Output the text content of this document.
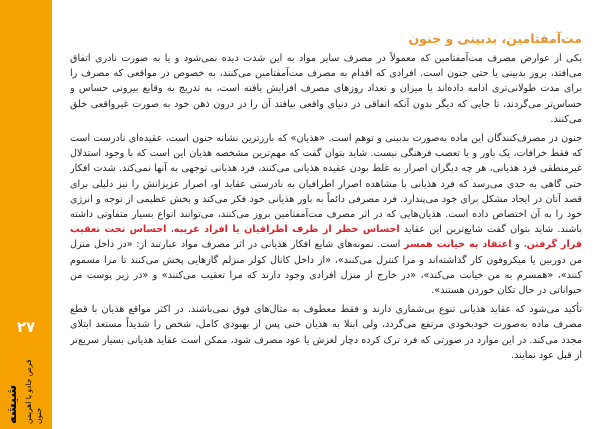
۲۷
شیشه قرص جادو یا اهریمن جنون
مت‌آمفتامین، بدبینی و جنون

یکی از عوارض مصرف مت‌آمفتامین که معمولاً در مصرف سایر مواد به این شدت دیده نمی‌شود و یا به صورت نادری اتفاق می‌افتد، بروز بدبینی یا حتی جنون است. افرادی که اقدام به مصرف مت‌آمفتامین می‌کنند، به خصوص در مواقعی که مصرف را برای مدت طولانی‌تری ادامه داده‌اند یا میزان و تعداد روزهای مصرف افزایش یافته است، به تدریج به وقایع بیرونی حساس و حساس‌تر می‌گردند، تا جایی که دیگر بدون آنکه اتفاقی در دنیای واقعی بیافتد آن را در درون ذهن خود به صورت غیرواقعی خلق می‌کنند.

جنون در مصرف‌کنندگان این ماده به‌صورت بدبینی و توهم است. «هذیان» که بارزترین نشانه جنون است، عقیده‌ای نادرست است که فقط خرافات، یک باور و یا تعصب فرهنگی نیست. شاید بتوان گفت که مهم‌ترین مشخصه هذیان این است که با وجود استدلال غیرمنطقی فرد هذیانی، هر چه دیگران اصرار به غلط بودن عقیده هذیانی می‌کنند، فرد هذیانی توجهی به آنها نمی‌کند. شدت افکار حتی گاهی به حدی می‌رسد که فرد هذیانی با مشاهده اصرار اطرافیان به نادرستی عقاید او، اصرار عزیزانش را نیز دلیلی برای قصد آنان در ایجاد مشکل برای خود می‌پندارد. فرد مصرفی دائماً به باور هذیانی خود فکر می‌کند و بخش عظیمی از توجه و انرژی خود را به آن اختصاص داده است. هذیان‌هایی که در اثر مصرف مت‌آمفتامین بروز می‌کنند، می‌توانند انواع بسیار متفاوتی داشته باشند. شاید بتوان گفت شایع‌ترین این عقاید احساس خطر از طرف اطرافیان یا افراد غریبه، احساس تحت تعقیب قرار گرفتن، و اعتقاد به خیانت همسر است. نمونه‌های شایع افکار هذیانی در اثر مصرف مواد عبارتند از: «در داخل منزل من دوربین یا میکروفون کار گذاشته‌اند و مرا کنترل می‌کنند»، «از داخل کانال کولر منزلم گازهایی پخش می‌کنند تا مرا مسموم کنند»، «همسرم به من خیانت می‌کند»، «در خارج از منزل افرادی وجود دارند که مرا تعقیب می‌کنند» و «در زیر پوست من حیواناتی در حال تکان خوردن هستند».

تأکید می‌شود که عقاید هذیانی تنوع بی‌شماری دارند و فقط معطوف به مثال‌های فوق نمی‌باشند. در اکثر مواقع هذیان با قطع مصرف ماده به‌صورت خودبخودی مرتفع می‌گردد، ولی ابتلا به هذیان حتی پس از بهبودی کامل، شخص را شدیداً مستعد ابتلای مجدد می‌کند. در این موارد در صورتی که فرد ترک کرده دچار لغزش یا عود مصرف شود، ممکن است عقاید هذیانی بسیار سریع‌تر از قبل عود نمایند.
